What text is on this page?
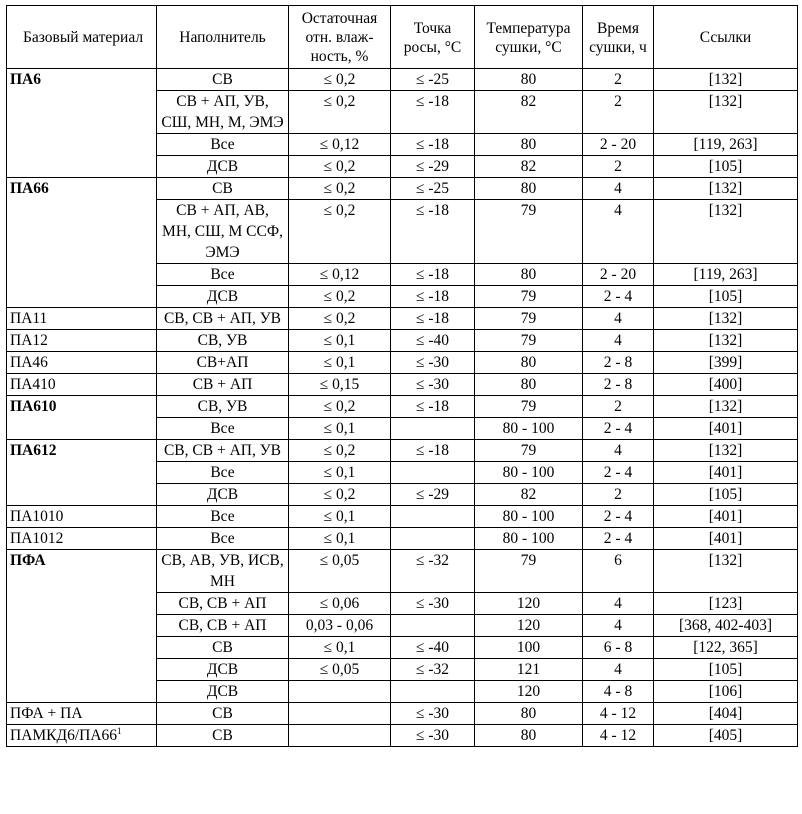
Базовый материал	Наполнитель	Остаточная отн. влаж-ность, %	Точка росы, °С	Температура сушки, °С	Время сушки, ч	Ссылки
ПА6	СВ	≤ 0,2	≤ -25	80	2	[132]
	СВ + АП, УВ, СШ, МН, М, ЭМЭ	≤ 0,2	≤ -18	82	2	[132]
	Все	≤ 0,12	≤ -18	80	2 - 20	[119, 263]
	ДСВ	≤ 0,2	≤ -29	82	2	[105]
ПА66	СВ	≤ 0,2	≤ -25	80	4	[132]
	СВ + АП, АВ, МН, СШ, М ССФ, ЭМЭ	≤ 0,2	≤ -18	79	4	[132]
	Все	≤ 0,12	≤ -18	80	2 - 20	[119, 263]
	ДСВ	≤ 0,2	≤ -18	79	2 - 4	[105]
ПА11	СВ, СВ + АП, УВ	≤ 0,2	≤ -18	79	4	[132]
ПА12	СВ, УВ	≤ 0,1	≤ -40	79	4	[132]
ПА46	СВ+АП	≤ 0,1	≤ -30	80	2 - 8	[399]
ПА410	СВ + АП	≤ 0,15	≤ -30	80	2 - 8	[400]
ПА610	СВ, УВ	≤ 0,2	≤ -18	79	2	[132]
	Все	≤ 0,1		80 - 100	2 - 4	[401]
ПА612	СВ, СВ + АП, УВ	≤ 0,2	≤ -18	79	4	[132]
	Все	≤ 0,1		80 - 100	2 - 4	[401]
	ДСВ	≤ 0,2	≤ -29	82	2	[105]
ПА1010	Все	≤ 0,1		80 - 100	2 - 4	[401]
ПА1012	Все	≤ 0,1		80 - 100	2 - 4	[401]
ПФА	СВ, АВ, УВ, ИСВ, МН	≤ 0,05	≤ -32	79	6	[132]
	СВ, СВ + АП	≤ 0,06	≤ -30	120	4	[123]
	СВ, СВ + АП	0,03 - 0,06		120	4	[368, 402-403]
	СВ	≤ 0,1	≤ -40	100	6 - 8	[122, 365]
	ДСВ	≤ 0,05	≤ -32	121	4	[105]
	ДСВ			120	4 - 8	[106]
ПФА + ПА	СВ		≤ -30	80	4 - 12	[404]
$ПАМКД6/ПА66^1$	СВ		≤ -30	80	4 - 12	[405]
